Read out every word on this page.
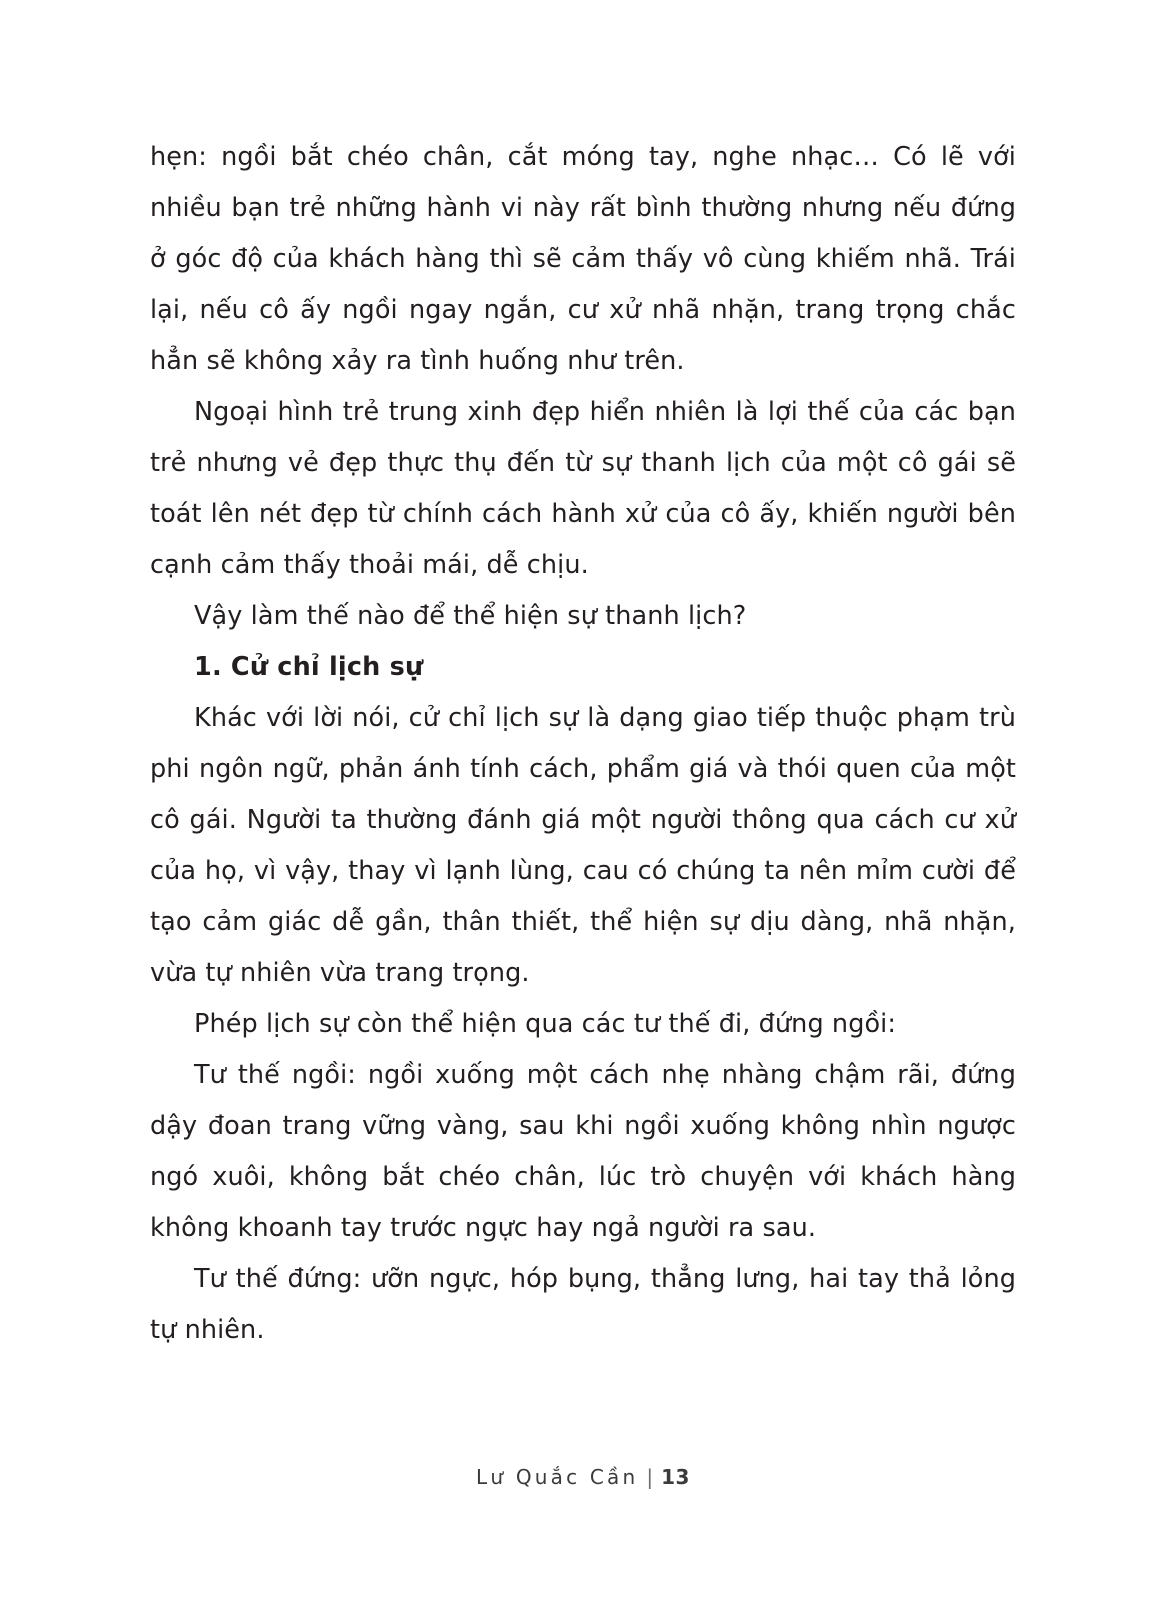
hẹn: ngồi bắt chéo chân, cắt móng tay, nghe nhạc… Có lẽ với nhiều bạn trẻ những hành vi này rất bình thường nhưng nếu đứng ở góc độ của khách hàng thì sẽ cảm thấy vô cùng khiếm nhã. Trái lại, nếu cô ấy ngồi ngay ngắn, cư xử nhã nhặn, trang trọng chắc hẳn sẽ không xảy ra tình huống như trên.

Ngoại hình trẻ trung xinh đẹp hiển nhiên là lợi thế của các bạn trẻ nhưng vẻ đẹp thực thụ đến từ sự thanh lịch của một cô gái sẽ toát lên nét đẹp từ chính cách hành xử của cô ấy, khiến người bên cạnh cảm thấy thoải mái, dễ chịu.

Vậy làm thế nào để thể hiện sự thanh lịch?

1. Cử chỉ lịch sự

Khác với lời nói, cử chỉ lịch sự là dạng giao tiếp thuộc phạm trù phi ngôn ngữ, phản ánh tính cách, phẩm giá và thói quen của một cô gái. Người ta thường đánh giá một người thông qua cách cư xử của họ, vì vậy, thay vì lạnh lùng, cau có chúng ta nên mỉm cười để tạo cảm giác dễ gần, thân thiết, thể hiện sự dịu dàng, nhã nhặn, vừa tự nhiên vừa trang trọng.

Phép lịch sự còn thể hiện qua các tư thế đi, đứng ngồi:

Tư thế ngồi: ngồi xuống một cách nhẹ nhàng chậm rãi, đứng dậy đoan trang vững vàng, sau khi ngồi xuống không nhìn ngược ngó xuôi, không bắt chéo chân, lúc trò chuyện với khách hàng không khoanh tay trước ngực hay ngả người ra sau.

Tư thế đứng: ưỡn ngực, hóp bụng, thẳng lưng, hai tay thả lỏng tự nhiên.

Lư Quắc Cần | 13
